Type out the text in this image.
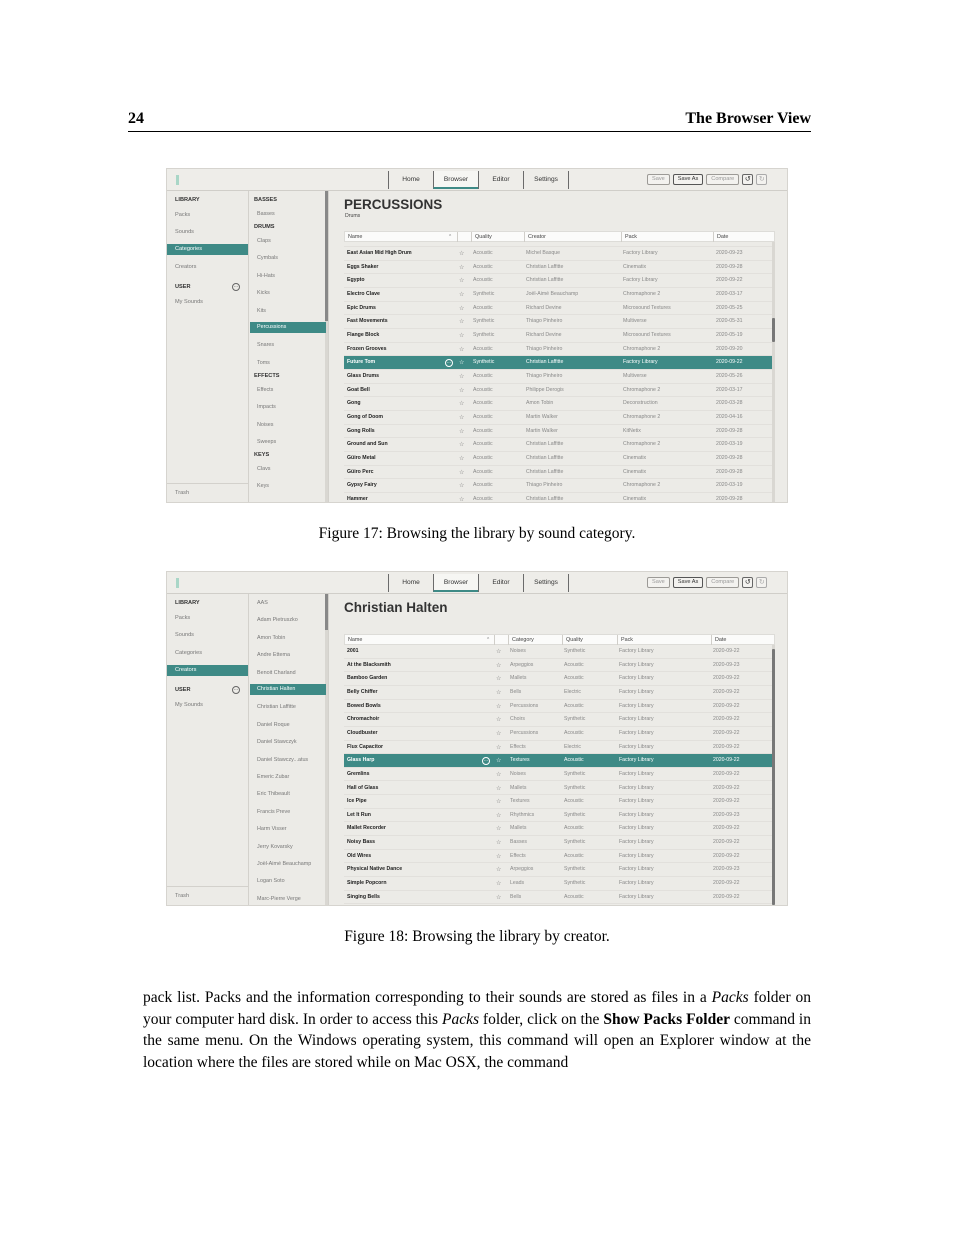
24	The Browser View
Home	Browser	Editor	Settings	Save	Save As	Compare	↺	↻
LIBRARY
Packs
Sounds
Categories
Creators
USER	···
My Sounds
Trash
BASSES
Basses
DRUMS
Claps
Cymbals
Hi-Hats
Kicks
Kits
Percussions
Snares
Toms
EFFECTS
Effects
Impacts
Noises
Sweeps
KEYS
Clavs
Keys
PERCUSSIONS
Drums
Name	⌃	Quality	Creator	Pack	Date
East Asian Mid High Drum	Acoustic	Michel Basque	Factory Library	2020-09-23
☆
Eggs Shaker	Acoustic	Christian Laffitte	Cinematix	2020-09-28
☆
Egypto	Acoustic	Christian Laffitte	Factory Library	2020-09-22
☆
Electro Clave	Synthetic	Joël-Aimé Beauchamp	Chromaphone 2	2020-03-17
☆
Epic Drums	Acoustic	Richard Devine	Microsound Textures	2020-05-25
☆
Fast Movements	Synthetic	Thiago Pinheiro	Multiverse	2020-05-31
☆
Flange Block	Synthetic	Richard Devine	Microsound Textures	2020-05-19
☆
Frozen Grooves	Acoustic	Thiago Pinheiro	Chromaphone 2	2020-09-20
☆
Future Tom	Synthetic	Christian Laffitte	Factory Library	2020-09-22
☆
···
Glass Drums	Acoustic	Thiago Pinheiro	Multiverse	2020-05-26
☆
Goat Bell	Acoustic	Philippe Derogis	Chromaphone 2	2020-03-17
☆
Gong	Acoustic	Amon Tobin	Deconstruction	2020-03-28
☆
Gong of Doom	Acoustic	Martin Walker	Chromaphone 2	2020-04-16
☆
Gong Rolls	Acoustic	Martin Walker	KitNetix	2020-09-28
☆
Ground and Sun	Acoustic	Christian Laffitte	Chromaphone 2	2020-03-19
☆
Güiro Metal	Acoustic	Christian Laffitte	Cinematix	2020-09-28
☆
Güiro Perc	Acoustic	Christian Laffitte	Cinematix	2020-09-28
☆
Gypsy Fairy	Acoustic	Thiago Pinheiro	Chromaphone 2	2020-03-19
☆
Hammer	Acoustic	Christian Laffitte	Cinematix	2020-09-28
☆
Figure 17: Browsing the library by sound category.
Home	Browser	Editor	Settings	Save	Save As	Compare	↺	↻
LIBRARY
Packs
Sounds
Categories
Creators
USER	···
My Sounds
Trash
AAS
Adam Pietruszko
Amon Tobin
Andre Ettema
Benoit Charland
Christian Halten
Christian Laffitte
Daniel Roque
Daniel Stawczyk
Daniel Stawczy...atus
Emeric Zubar
Eric Thibeault
Francis Preve
Harm Visser
Jerry Kovarsky
Joël-Aimé Beauchamp
Logan Soto
Marc-Pierre Verge
Christian Halten
Name	⌃	Category	Quality	Pack	Date
2001	Noises	Synthetic	Factory Library	2020-09-22
☆
At the Blacksmith	Arpeggios	Acoustic	Factory Library	2020-09-23
☆
Bamboo Garden	Mallets	Acoustic	Factory Library	2020-09-22
☆
Belly Chiffer	Bells	Electric	Factory Library	2020-09-22
☆
Bowed Bowls	Percussions	Acoustic	Factory Library	2020-09-22
☆
Chromachoir	Choirs	Synthetic	Factory Library	2020-09-22
☆
Cloudbuster	Percussions	Acoustic	Factory Library	2020-09-22
☆
Flux Capacitor	Effects	Electric	Factory Library	2020-09-22
☆
Glass Harp	Textures	Acoustic	Factory Library	2020-09-22
☆
···
Gremlins	Noises	Synthetic	Factory Library	2020-09-22
☆
Hall of Glass	Mallets	Synthetic	Factory Library	2020-09-22
☆
Ice Pipe	Textures	Acoustic	Factory Library	2020-09-22
☆
Let It Run	Rhythmics	Synthetic	Factory Library	2020-09-23
☆
Mallet Recorder	Mallets	Acoustic	Factory Library	2020-09-22
☆
Noisy Bass	Basses	Synthetic	Factory Library	2020-09-22
☆
Old Wires	Effects	Acoustic	Factory Library	2020-09-22
☆
Physical Native Dance	Arpeggios	Synthetic	Factory Library	2020-09-23
☆
Simple Popcorn	Leads	Synthetic	Factory Library	2020-09-22
☆
Singing Bells	Bells	Acoustic	Factory Library	2020-09-22
☆
Figure 18: Browsing the library by creator.
pack list. Packs and the information corresponding to their sounds are stored as files in a Packs folder on your computer hard disk. In order to access this Packs folder, click on the Show Packs Folder command in the same menu. On the Windows operating system, this command will open an Explorer window at the location where the files are stored while on Mac OSX, the command
